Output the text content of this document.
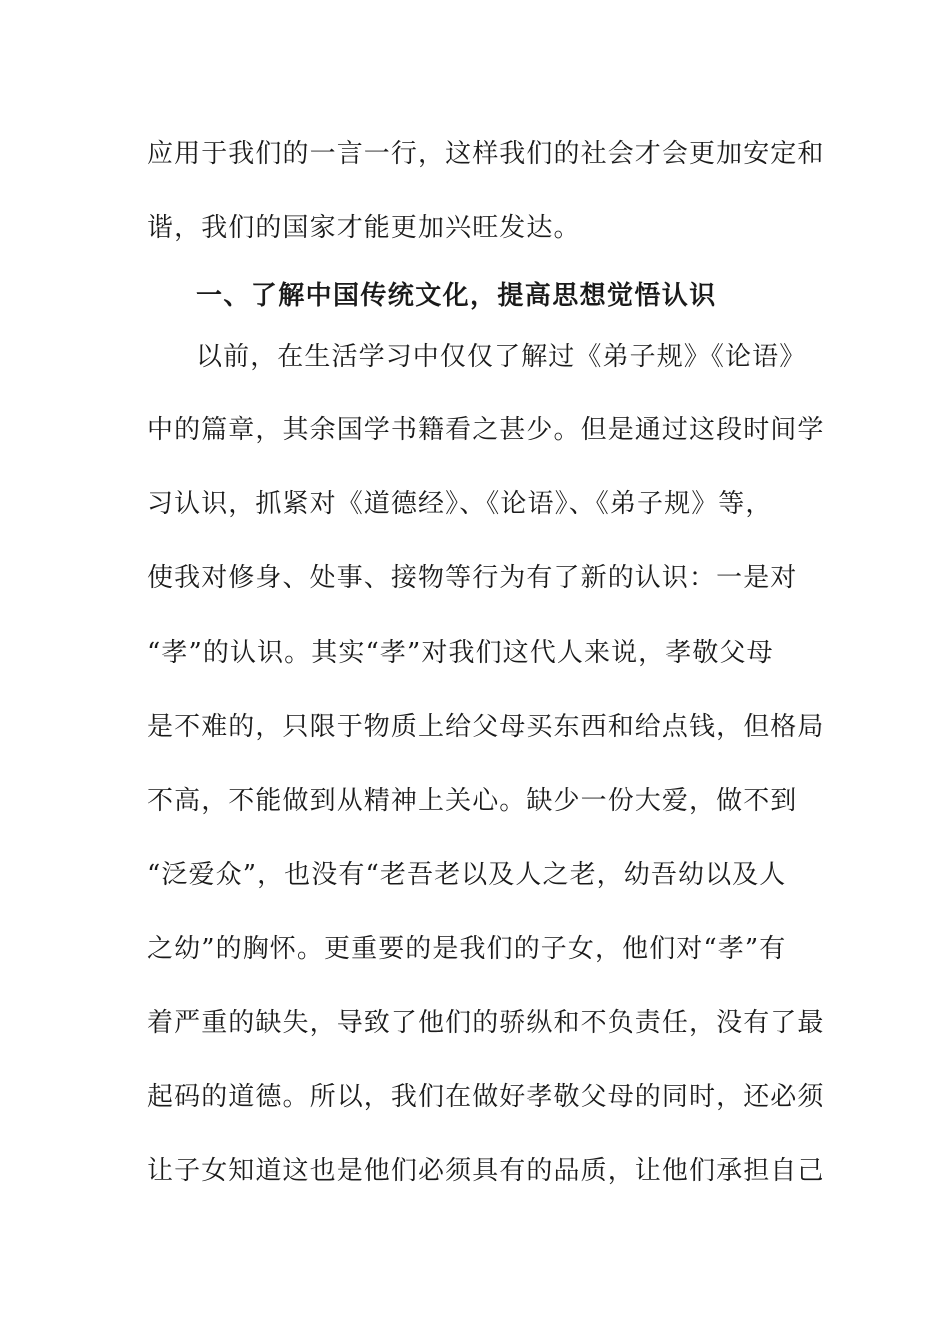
应用于我们的一言一行，这样我们的社会才会更加安定和
谐，我们的国家才能更加兴旺发达。
一、了解中国传统文化，提高思想觉悟认识
以前，在生活学习中仅仅了解过《弟子规》《论语》
中的篇章，其余国学书籍看之甚少。但是通过这段时间学
习认识，抓紧对《道德经》、《论语》、《弟子规》等，
使我对修身、处事、接物等行为有了新的认识：一是对
“孝”的认识。其实“孝”对我们这代人来说，孝敬父母
是不难的，只限于物质上给父母买东西和给点钱，但格局
不高，不能做到从精神上关心。缺少一份大爱，做不到
“泛爱众”，也没有“老吾老以及人之老，幼吾幼以及人
之幼”的胸怀。更重要的是我们的子女，他们对“孝”有
着严重的缺失，导致了他们的骄纵和不负责任，没有了最
起码的道德。所以，我们在做好孝敬父母的同时，还必须
让子女知道这也是他们必须具有的品质，让他们承担自己
